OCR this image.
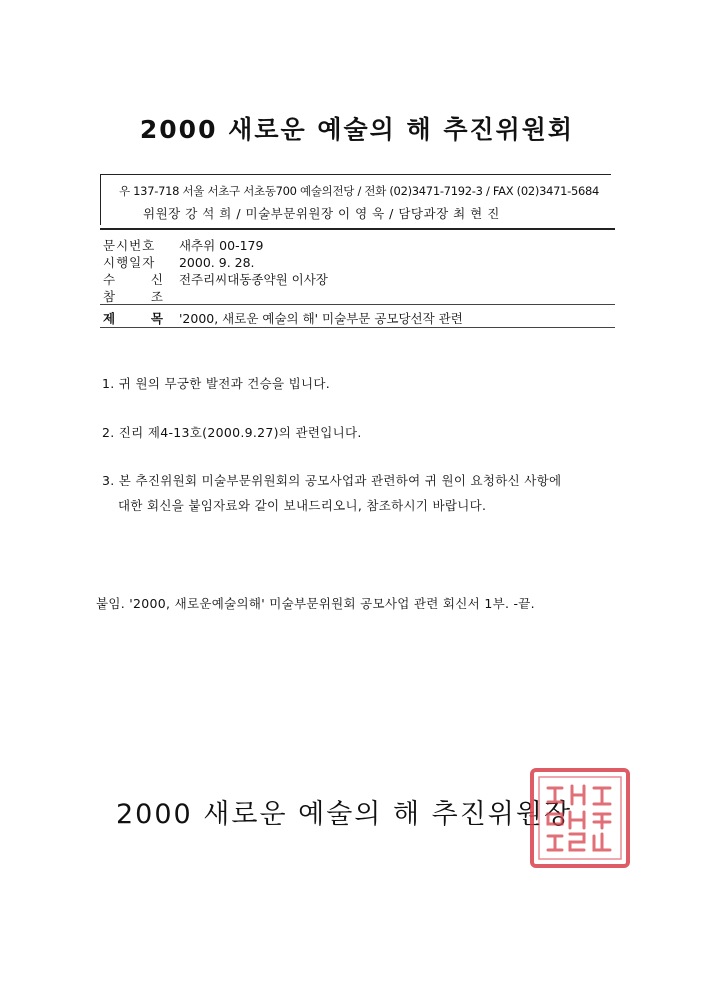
2000 새로운 예술의 해 추진위원회
우 137-718 서울 서초구 서초동700 예술의전당 / 전화 (02)3471-7192-3 / FAX (02)3471-5684
위원장 강 석 희 / 미술부문위원장 이 영 욱 / 담당과장 최 현 진
문시번호 새추위 00-179
시행일자 2000. 9. 28.
수 신 전주리씨대동종약원 이사장
참 조
제 목 '2000, 새로운 예술의 해' 미술부문 공모당선작 관련
1. 귀 원의 무궁한 발전과 건승을 빕니다.
2. 진리 제4-13호(2000.9.27)의 관련입니다.
3. 본 추진위원회 미술부문위원회의 공모사업과 관련하여 귀 원이 요청하신 사항에
대한 회신을 붙임자료와 같이 보내드리오니, 참조하시기 바랍니다.
붙임. '2000, 새로운예술의해' 미술부문위원회 공모사업 관련 회신서 1부. -끝.
2000 새로운 예술의 해 추진위원장
